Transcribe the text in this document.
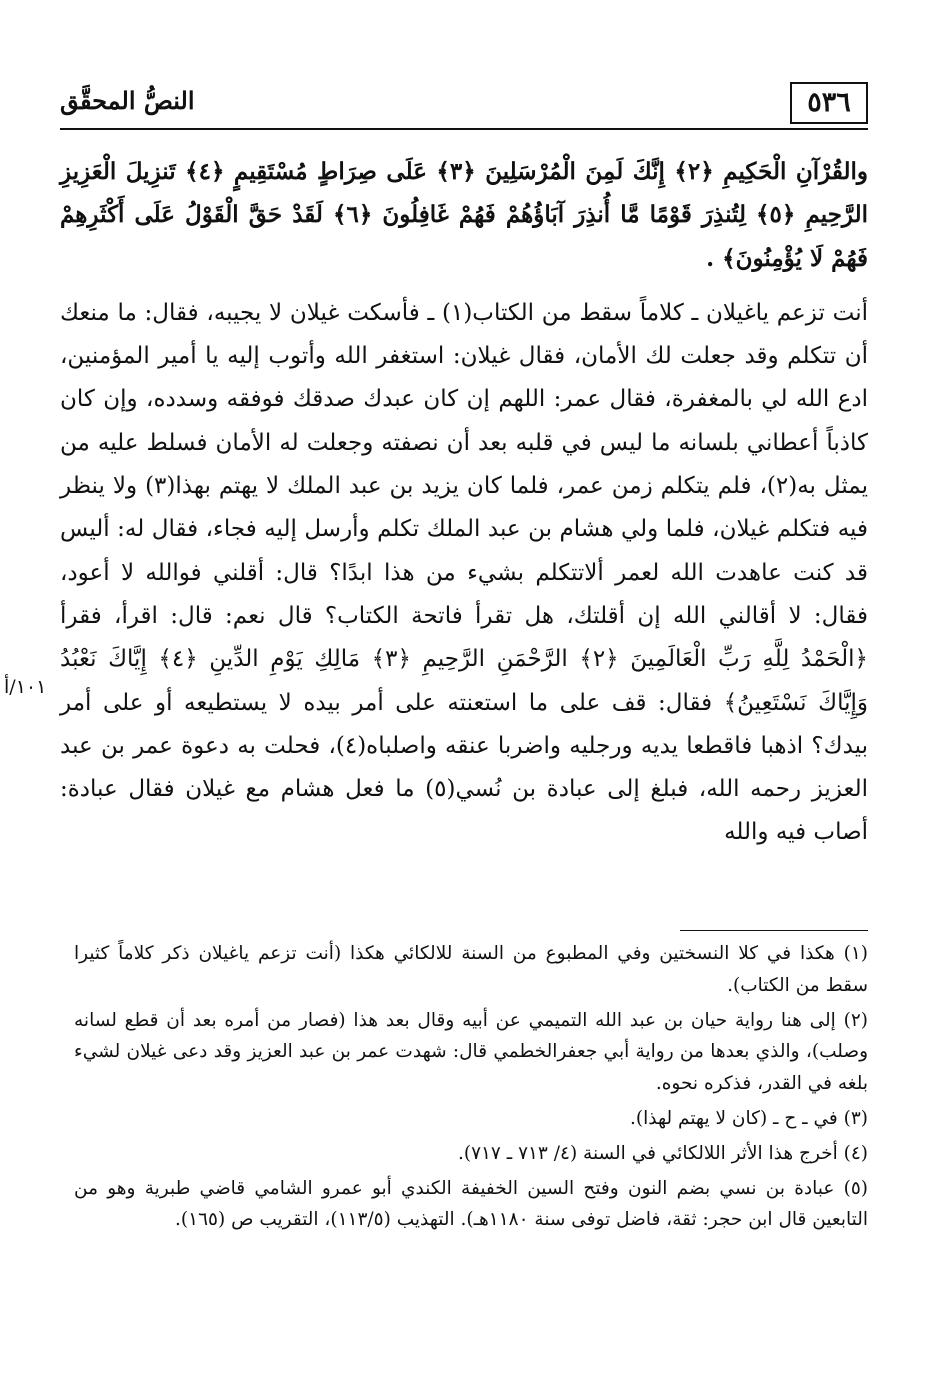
٥٣٦
النصُّ المحقَّق
١٠١/أ

والقُرْآنِ الْحَكِيمِ ﴿٢﴾ إِنَّكَ لَمِنَ الْمُرْسَلِينَ ﴿٣﴾ عَلَى صِرَاطٍ مُسْتَقِيمٍ ﴿٤﴾ تَنزِيلَ الْعَزِيزِ الرَّحِيمِ ﴿٥﴾ لِتُنذِرَ قَوْمًا مَّا أُنذِرَ آبَاؤُهُمْ فَهُمْ غَافِلُونَ ﴿٦﴾ لَقَدْ حَقَّ الْقَوْلُ عَلَى أَكْثَرِهِمْ فَهُمْ لَا يُؤْمِنُونَ﴾ .

أنت تزعم ياغيلان ـ كلاماً سقط من الكتاب(١) ـ فأسكت غيلان لا يجيبه، فقال: ما منعك أن تتكلم وقد جعلت لك الأمان، فقال غيلان: استغفر الله وأتوب إليه يا أمير المؤمنين، ادع الله لي بالمغفرة، فقال عمر: اللهم إن كان عبدك صدقك فوفقه وسدده، وإن كان كاذباً أعطاني بلسانه ما ليس في قلبه بعد أن نصفته وجعلت له الأمان فسلط عليه من يمثل به(٢)، فلم يتكلم زمن عمر، فلما كان يزيد بن عبد الملك لا يهتم بهذا(٣) ولا ينظر فيه فتكلم غيلان، فلما ولي هشام بن عبد الملك تكلم وأرسل إليه فجاء، فقال له: أليس قد كنت عاهدت الله لعمر ألاتتكلم بشيء من هذا ابدًا؟ قال: أقلني فوالله لا أعود، فقال: لا أقالني الله إن أقلتك، هل تقرأ فاتحة الكتاب؟ قال نعم: قال: اقرأ، فقرأ ﴿الْحَمْدُ لِلَّهِ رَبِّ الْعَالَمِينَ ﴿٢﴾ الرَّحْمَنِ الرَّحِيمِ ﴿٣﴾ مَالِكِ يَوْمِ الدِّينِ ﴿٤﴾ إِيَّاكَ نَعْبُدُ وَإِيَّاكَ نَسْتَعِينُ﴾ فقال: قف على ما استعنته على أمر بيده لا يستطيعه أو على أمر بيدك؟ اذهبا فاقطعا يديه ورجليه واضربا عنقه واصلباه(٤)، فحلت به دعوة عمر بن عبد العزيز رحمه الله، فبلغ إلى عبادة بن نُسي(٥) ما فعل هشام مع غيلان فقال عبادة: أصاب فيه والله

(١) هكذا في كلا النسختين وفي المطبوع من السنة للالكائي هكذا (أنت تزعم ياغيلان ذكر كلاماً كثيرا سقط من الكتاب).

(٢) إلى هنا رواية حيان بن عبد الله التميمي عن أبيه وقال بعد هذا (فصار من أمره بعد أن قطع لسانه وصلب)، والذي بعدها من رواية أبي جعفرالخطمي قال: شهدت عمر بن عبد العزيز وقد دعى غيلان لشيء بلغه في القدر، فذكره نحوه.

(٣) في ـ ح ـ (كان لا يهتم لهذا).

(٤) أخرج هذا الأثر اللالكائي في السنة (٤/ ٧١٣ ـ ٧١٧).

(٥) عبادة بن نسي بضم النون وفتح السين الخفيفة الكندي أبو عمرو الشامي قاضي طبرية وهو من التابعين قال ابن حجر: ثقة، فاضل توفى سنة ١١٨٠هـ). التهذيب (١١٣/٥)، التقريب ص (١٦٥).
